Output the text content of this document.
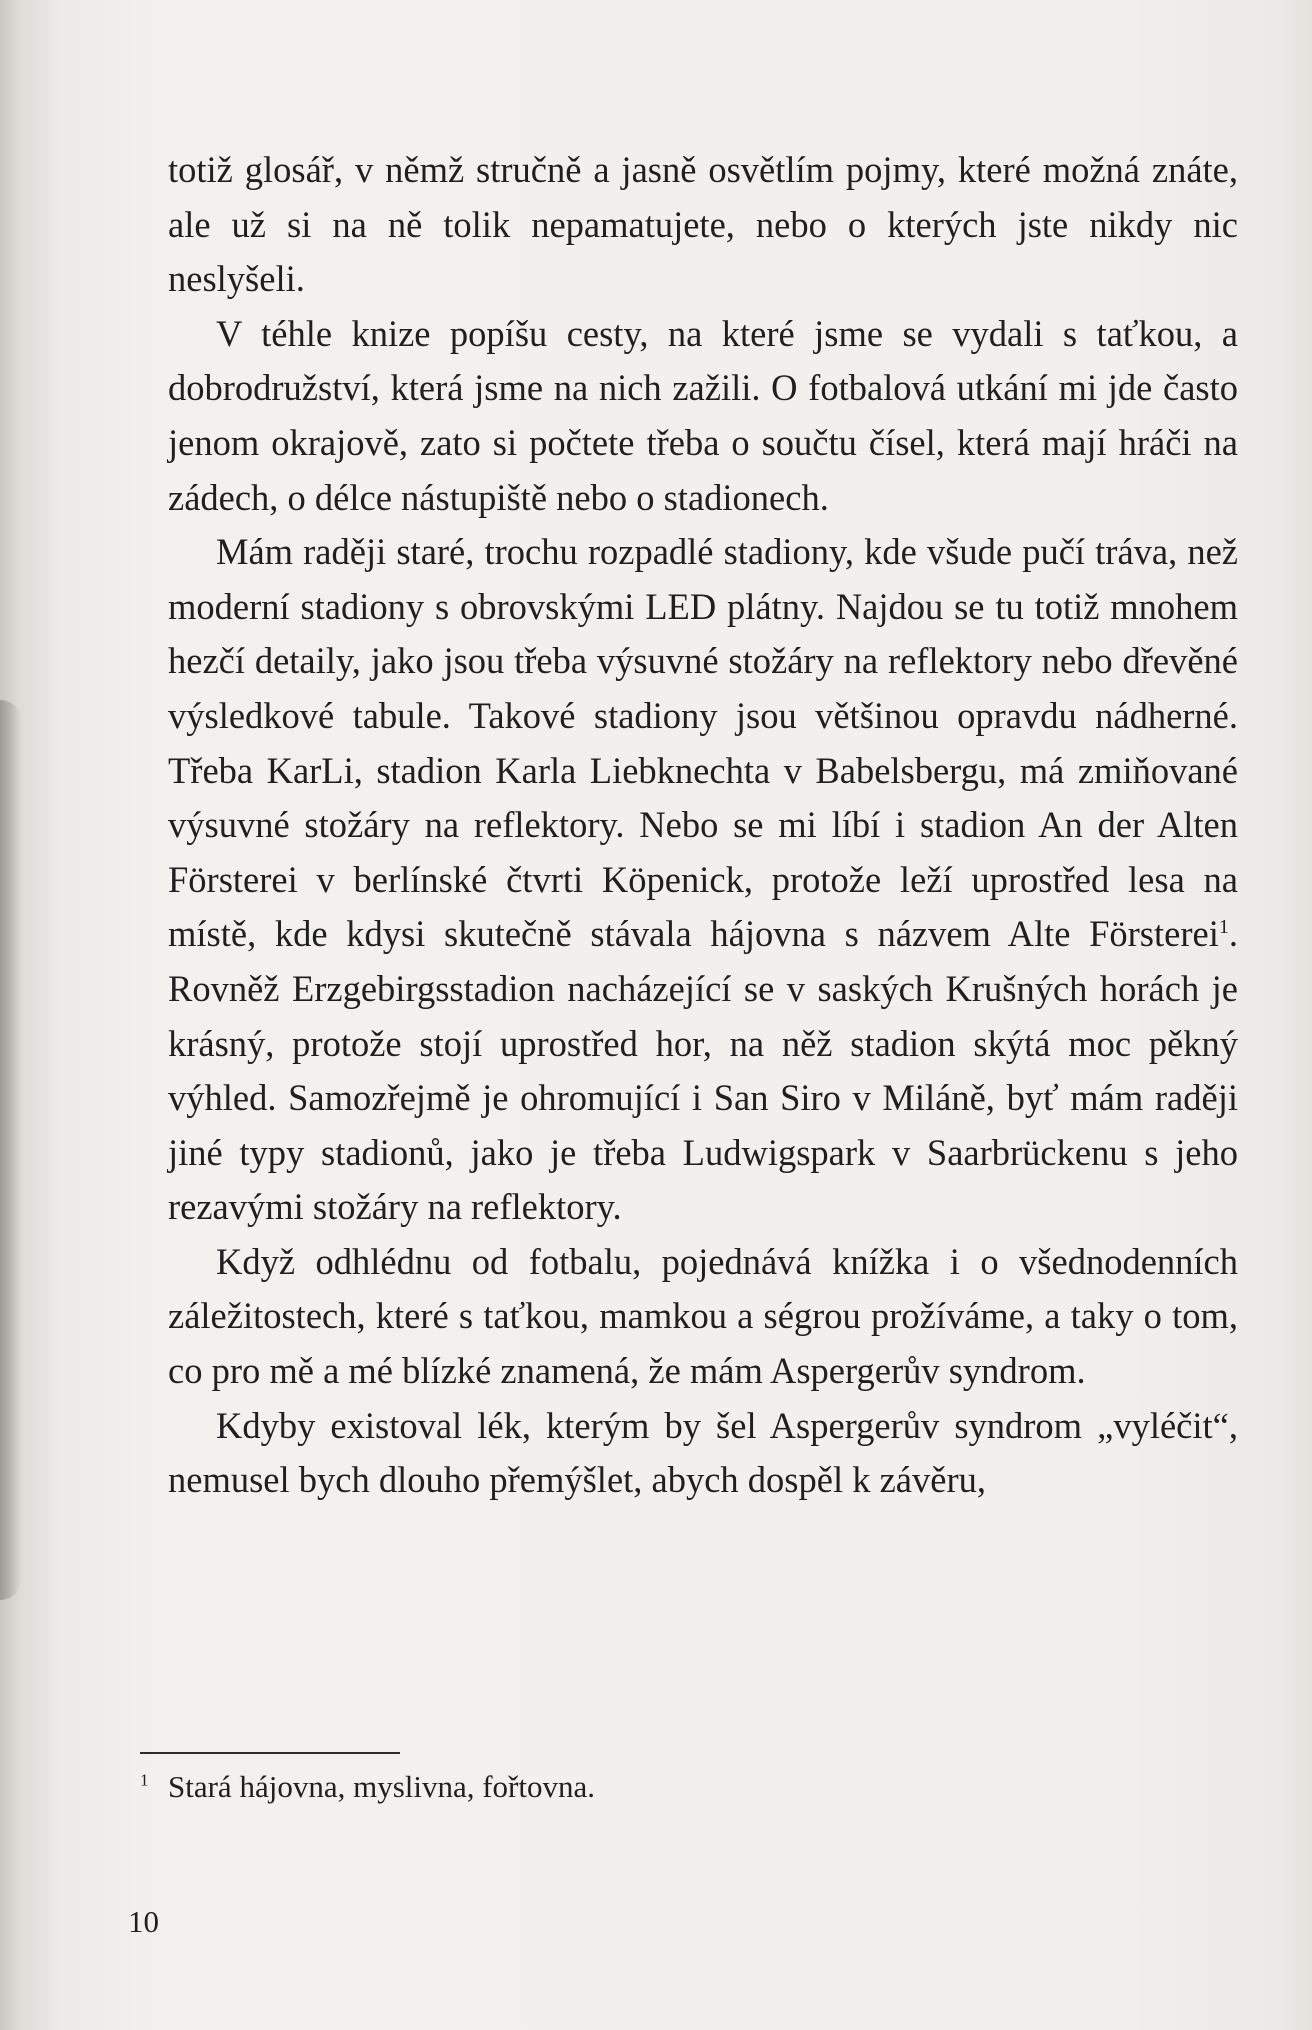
totiž glosář, v němž stručně a jasně osvětlím pojmy, které možná znáte, ale už si na ně tolik nepamatujete, nebo o kterých jste nikdy nic neslyšeli.

V téhle knize popíšu cesty, na které jsme se vydali s taťkou, a dobrodružství, která jsme na nich zažili. O fotbalová utkání mi jde často jenom okrajově, zato si počtete třeba o součtu čísel, která mají hráči na zádech, o délce nástupiště nebo o stadionech.

Mám raději staré, trochu rozpadlé stadiony, kde všude pučí tráva, než moderní stadiony s obrovskými LED plátny. Najdou se tu totiž mnohem hezčí detaily, jako jsou třeba výsuvné stožáry na reflektory nebo dřevěné výsledkové tabule. Takové stadiony jsou většinou opravdu nádherné. Třeba KarLi, stadion Karla Liebknechta v Babelsbergu, má zmiňované výsuvné stožáry na reflektory. Nebo se mi líbí i stadion An der Alten Försterei v berlínské čtvrti Köpenick, protože leží uprostřed lesa na místě, kde kdysi skutečně stávala hájovna s názvem Alte Försterei$^1$. Rovněž Erzgebirgsstadion nacházející se v saských Krušných horách je krásný, protože stojí uprostřed hor, na něž stadion skýtá moc pěkný výhled. Samozřejmě je ohromující i San Siro v Miláně, byť mám raději jiné typy stadionů, jako je třeba Ludwigspark v Saarbrückenu s jeho rezavými stožáry na reflektory.

Když odhlédnu od fotbalu, pojednává knížka i o všednodenních záležitostech, které s taťkou, mamkou a ségrou prožíváme, a taky o tom, co pro mě a mé blízké znamená, že mám Aspergerův syndrom.

Kdyby existoval lék, kterým by šel Aspergerův syndrom „vyléčit“, nemusel bych dlouho přemýšlet, abych dospěl k závěru,

$^1$ Stará hájovna, myslivna, fořtovna.
10
